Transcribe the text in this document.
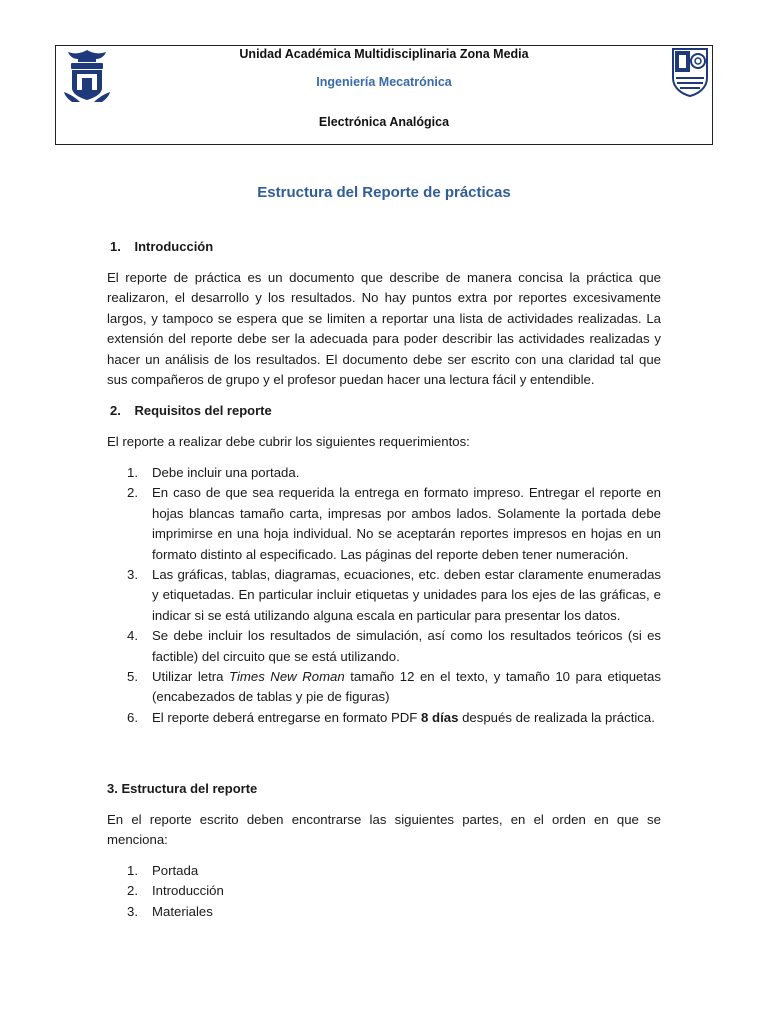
Unidad Académica Multidisciplinaria Zona Media
Ingeniería Mecatrónica
Electrónica Analógica
Estructura del Reporte de prácticas
1. Introducción

El reporte de práctica es un documento que describe de manera concisa la práctica que realizaron, el desarrollo y los resultados. No hay puntos extra por reportes excesivamente largos, y tampoco se espera que se limiten a reportar una lista de actividades realizadas. La extensión del reporte debe ser la adecuada para poder describir las actividades realizadas y hacer un análisis de los resultados. El documento debe ser escrito con una claridad tal que sus compañeros de grupo y el profesor puedan hacer una lectura fácil y entendible.

2. Requisitos del reporte

El reporte a realizar debe cubrir los siguientes requerimientos:

1. Debe incluir una portada.
2. En caso de que sea requerida la entrega en formato impreso. Entregar el reporte en hojas blancas tamaño carta, impresas por ambos lados. Solamente la portada debe imprimirse en una hoja individual. No se aceptarán reportes impresos en hojas en un formato distinto al especificado. Las páginas del reporte deben tener numeración.
3. Las gráficas, tablas, diagramas, ecuaciones, etc. deben estar claramente enumeradas y etiquetadas. En particular incluir etiquetas y unidades para los ejes de las gráficas, e indicar si se está utilizando alguna escala en particular para presentar los datos.
4. Se debe incluir los resultados de simulación, así como los resultados teóricos (si es factible) del circuito que se está utilizando.
5. Utilizar letra Times New Roman tamaño 12 en el texto, y tamaño 10 para etiquetas (encabezados de tablas y pie de figuras)
6. El reporte deberá entregarse en formato PDF 8 días después de realizada la práctica.
3. Estructura del reporte

En el reporte escrito deben encontrarse las siguientes partes, en el orden en que se menciona:

1. Portada
2. Introducción
3. Materiales
